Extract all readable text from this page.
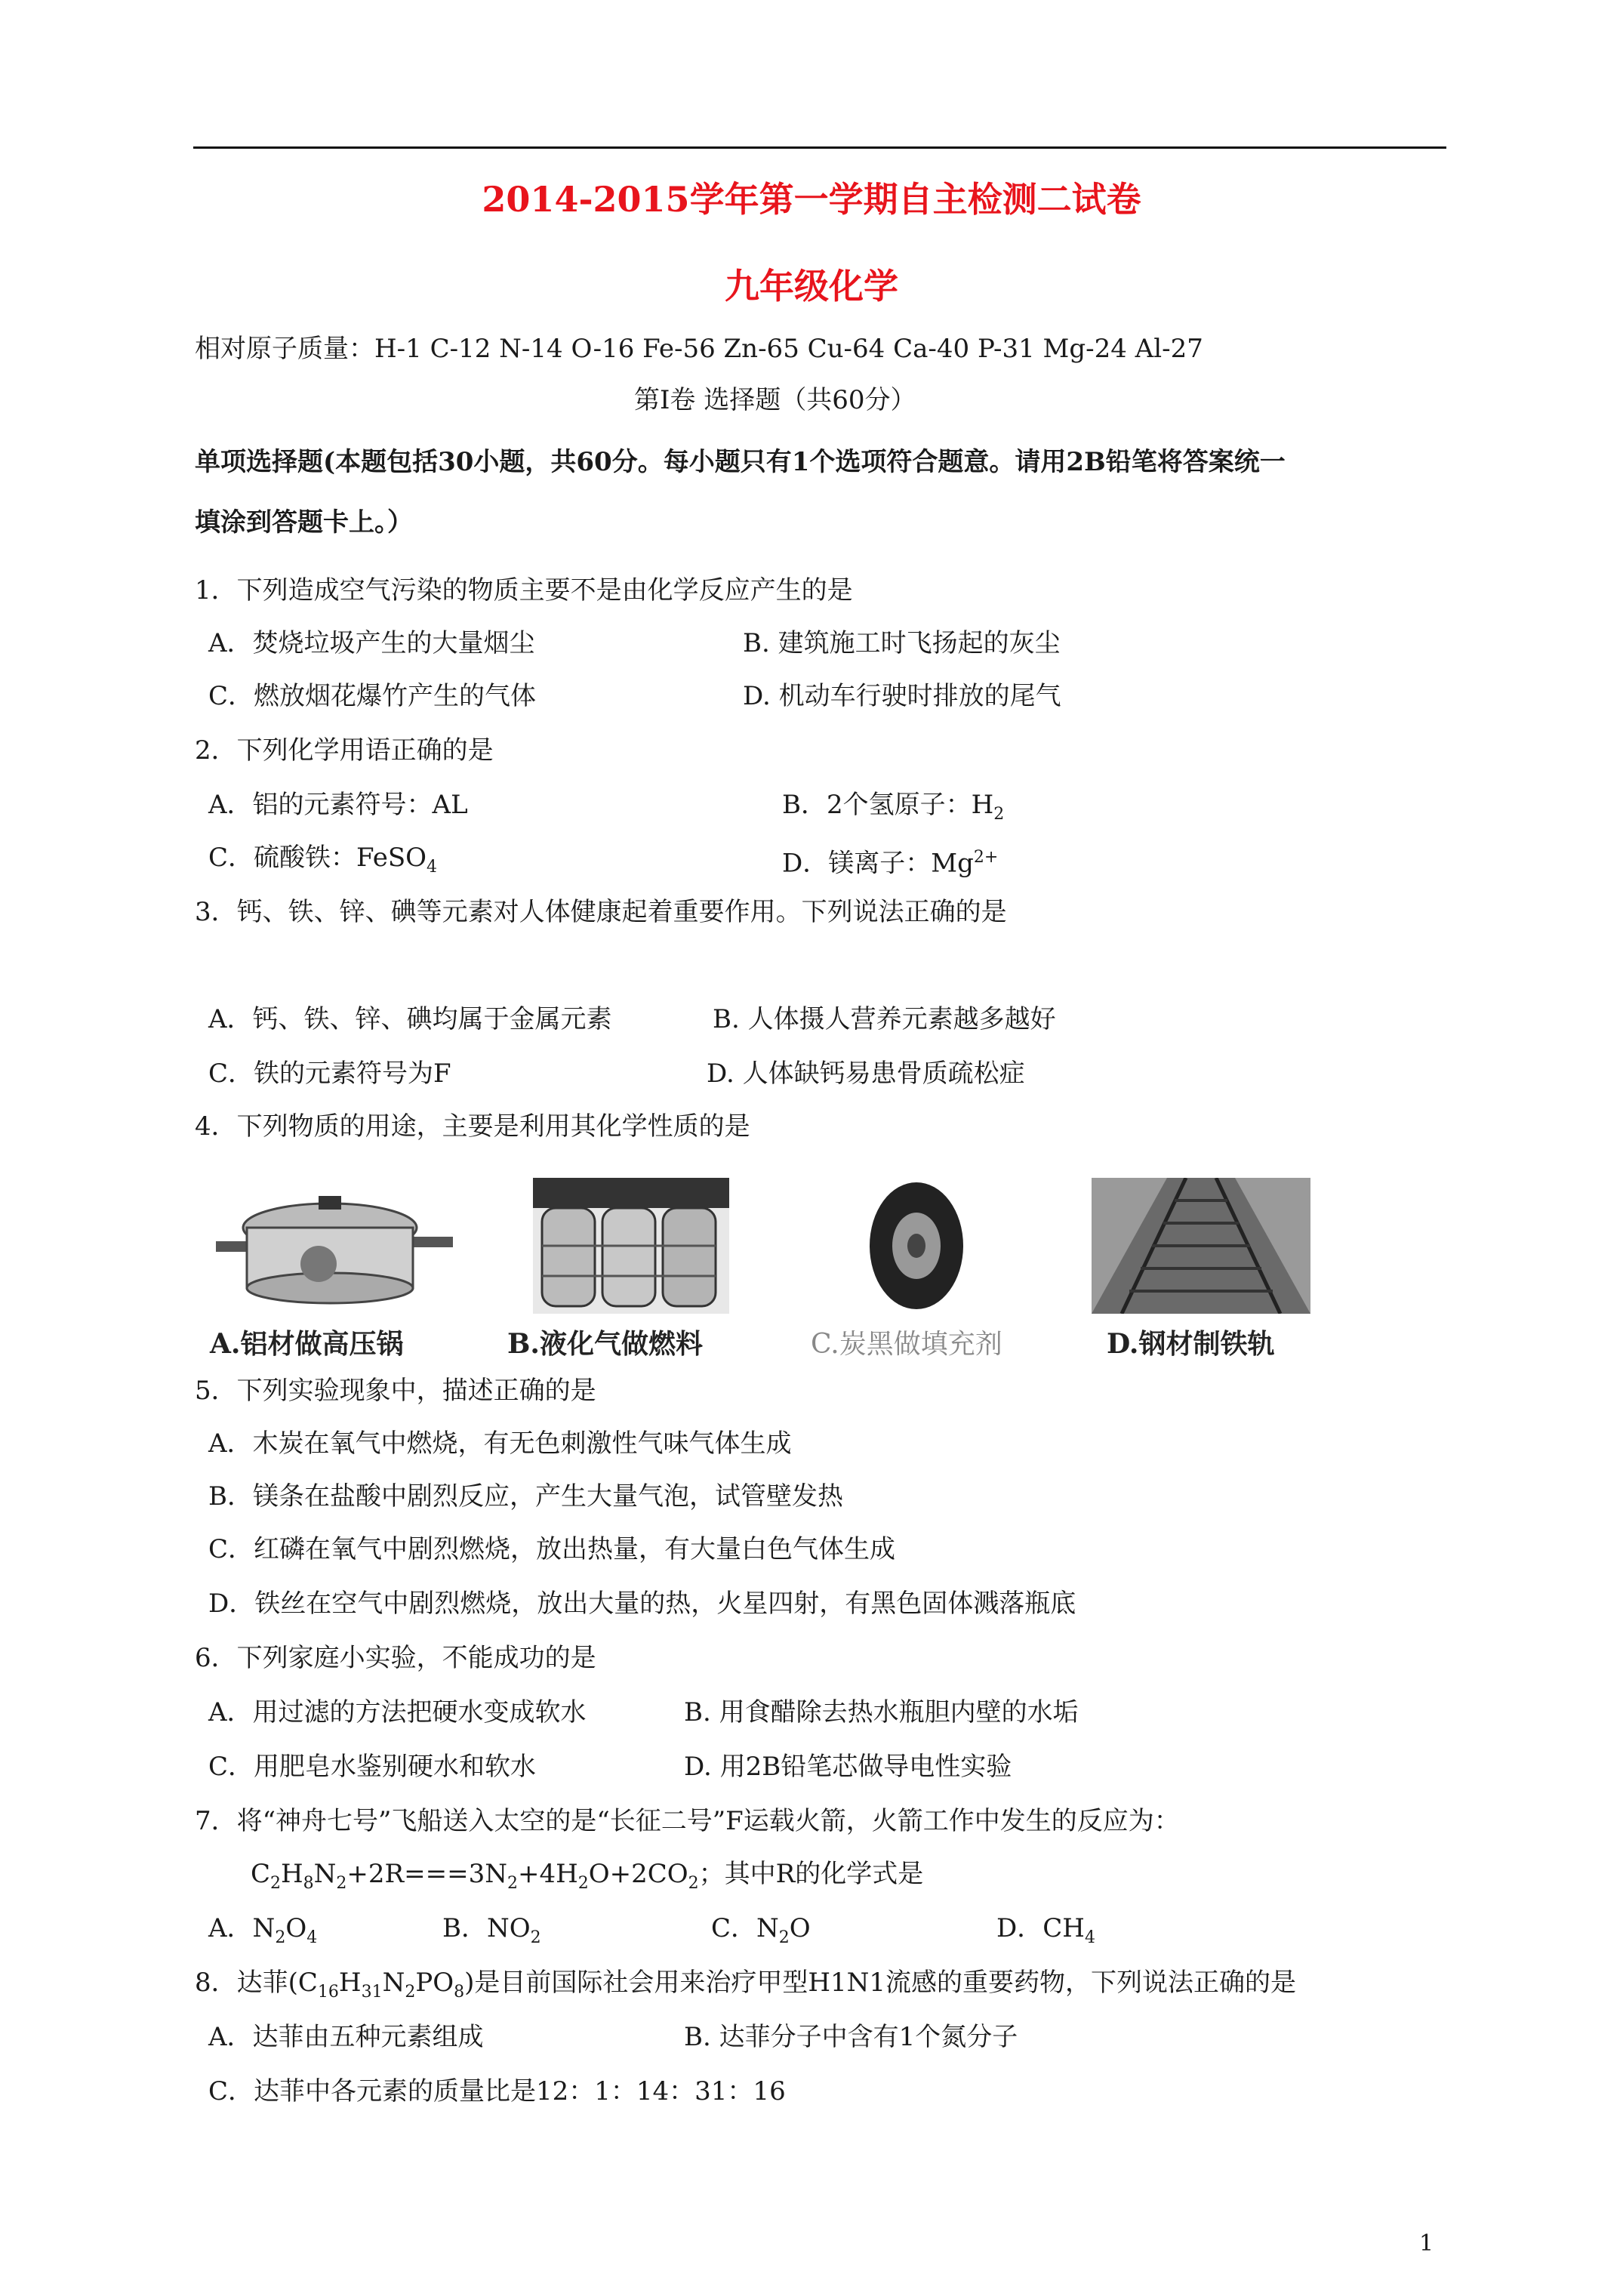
2014-2015学年第一学期自主检测二试卷
九年级化学
相对原子质量：H-1 C-12 N-14 O-16 Fe-56 Zn-65 Cu-64 Ca-40 P-31 Mg-24 Al-27
第Ⅰ卷 选择题（共60分）
单项选择题(本题包括30小题，共60分。每小题只有1个选项符合题意。请用2B铅笔将答案统一
填涂到答题卡上。）
1．下列造成空气污染的物质主要不是由化学反应产生的是
A．焚烧垃圾产生的大量烟尘	B. 建筑施工时飞扬起的灰尘
C．燃放烟花爆竹产生的气体	D. 机动车行驶时排放的尾气
2．下列化学用语正确的是
A．铝的元素符号：AL	B．2个氢原子：$H_2$
C．硫酸铁：FeSO$_4$	D．镁离子：$Mg^{2+}$
3．钙、铁、锌、碘等元素对人体健康起着重要作用。下列说法正确的是
A．钙、铁、锌、碘均属于金属元素	B. 人体摄人营养元素越多越好
C．铁的元素符号为F	D. 人体缺钙易患骨质疏松症
4．下列物质的用途，主要是利用其化学性质的是
A.铝材做高压锅	B.液化气做燃料	C.炭黑做填充剂	D.钢材制铁轨
5．下列实验现象中，描述正确的是
A．木炭在氧气中燃烧，有无色刺激性气味气体生成
B．镁条在盐酸中剧烈反应，产生大量气泡，试管壁发热
C．红磷在氧气中剧烈燃烧，放出热量，有大量白色气体生成
D．铁丝在空气中剧烈燃烧，放出大量的热，火星四射，有黑色固体溅落瓶底
6．下列家庭小实验，不能成功的是
A．用过滤的方法把硬水变成软水	B. 用食醋除去热水瓶胆内壁的水垢
C．用肥皂水鉴别硬水和软水	D. 用2B铅笔芯做导电性实验
7．将“神舟七号”飞船送入太空的是“长征二号”F运载火箭，火箭工作中发生的反应为：
$C_2H_8N_2+2R===3N_2+4H_2O+2CO_2$；其中R的化学式是
A．$N_2O_4$	B．$NO_2$	C．$N_2O$	D．$CH_4$
8．达菲$(C_{16}H_{31}N_2PO_8)$是目前国际社会用来治疗甲型H1N1流感的重要药物，下列说法正确的是
A．达菲由五种元素组成	B. 达菲分子中含有1个氮分子
C．达菲中各元素的质量比是12：1：14：31：16
1
